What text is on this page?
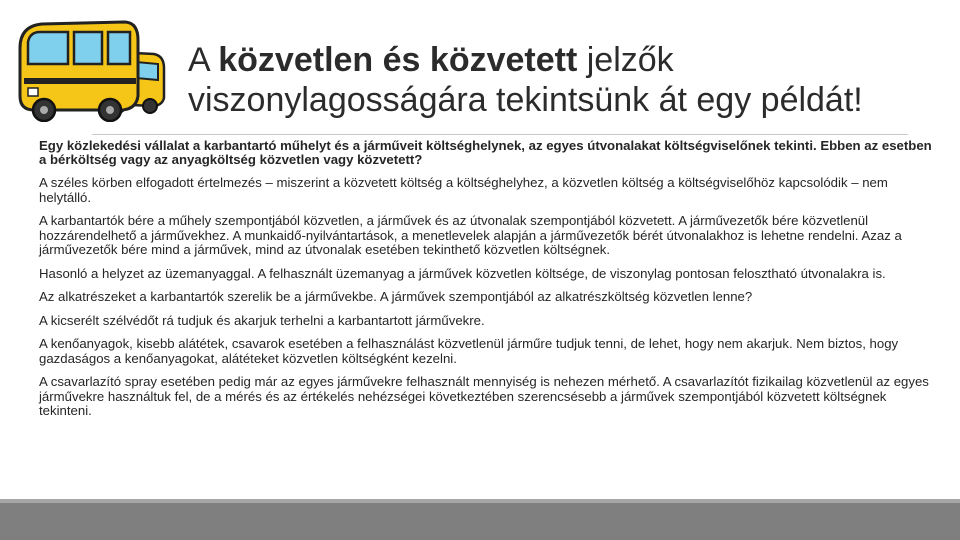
A közvetlen és közvetett jelzők viszonylagosságára tekintsünk át egy példát!

Egy közlekedési vállalat a karbantartó műhelyt és a járműveit költséghelynek, az egyes útvonalakat költségviselőnek tekinti. Ebben az esetben a bérköltség vagy az anyagköltség közvetlen vagy közvetett?

A széles körben elfogadott értelmezés – miszerint a közvetett költség a költséghelyhez, a közvetlen költség a költségviselőhöz kapcsolódik – nem helytálló.

A karbantartók bére a műhely szempontjából közvetlen, a járművek és az útvonalak szempontjából közvetett. A járművezetők bére közvetlenül hozzárendelhető a járművekhez. A munkaidő-nyilvántartások, a menetlevelek alapján a járművezetők bérét útvonalakhoz is lehetne rendelni. Azaz a járművezetők bére mind a járművek, mind az útvonalak esetében tekinthető közvetlen költségnek.

Hasonló a helyzet az üzemanyaggal. A felhasznált üzemanyag a járművek közvetlen költsége, de viszonylag pontosan felosztható útvonalakra is.

Az alkatrészeket a karbantartók szerelik be a járművekbe. A járművek szempontjából az alkatrészköltség közvetlen lenne?

A kicserélt szélvédőt rá tudjuk és akarjuk terhelni a karbantartott járművekre.

A kenőanyagok, kisebb alátétek, csavarok esetében a felhasználást közvetlenül járműre tudjuk tenni, de lehet, hogy nem akarjuk. Nem biztos, hogy gazdaságos a kenőanyagokat, alátéteket közvetlen költségként kezelni.

A csavarlazító spray esetében pedig már az egyes járművekre felhasznált mennyiség is nehezen mérhető. A csavarlazítót fizikailag közvetlenül az egyes járművekre használtuk fel, de a mérés és az értékelés nehézségei következtében szerencsésebb a járművek szempontjából közvetett költségnek tekinteni.
